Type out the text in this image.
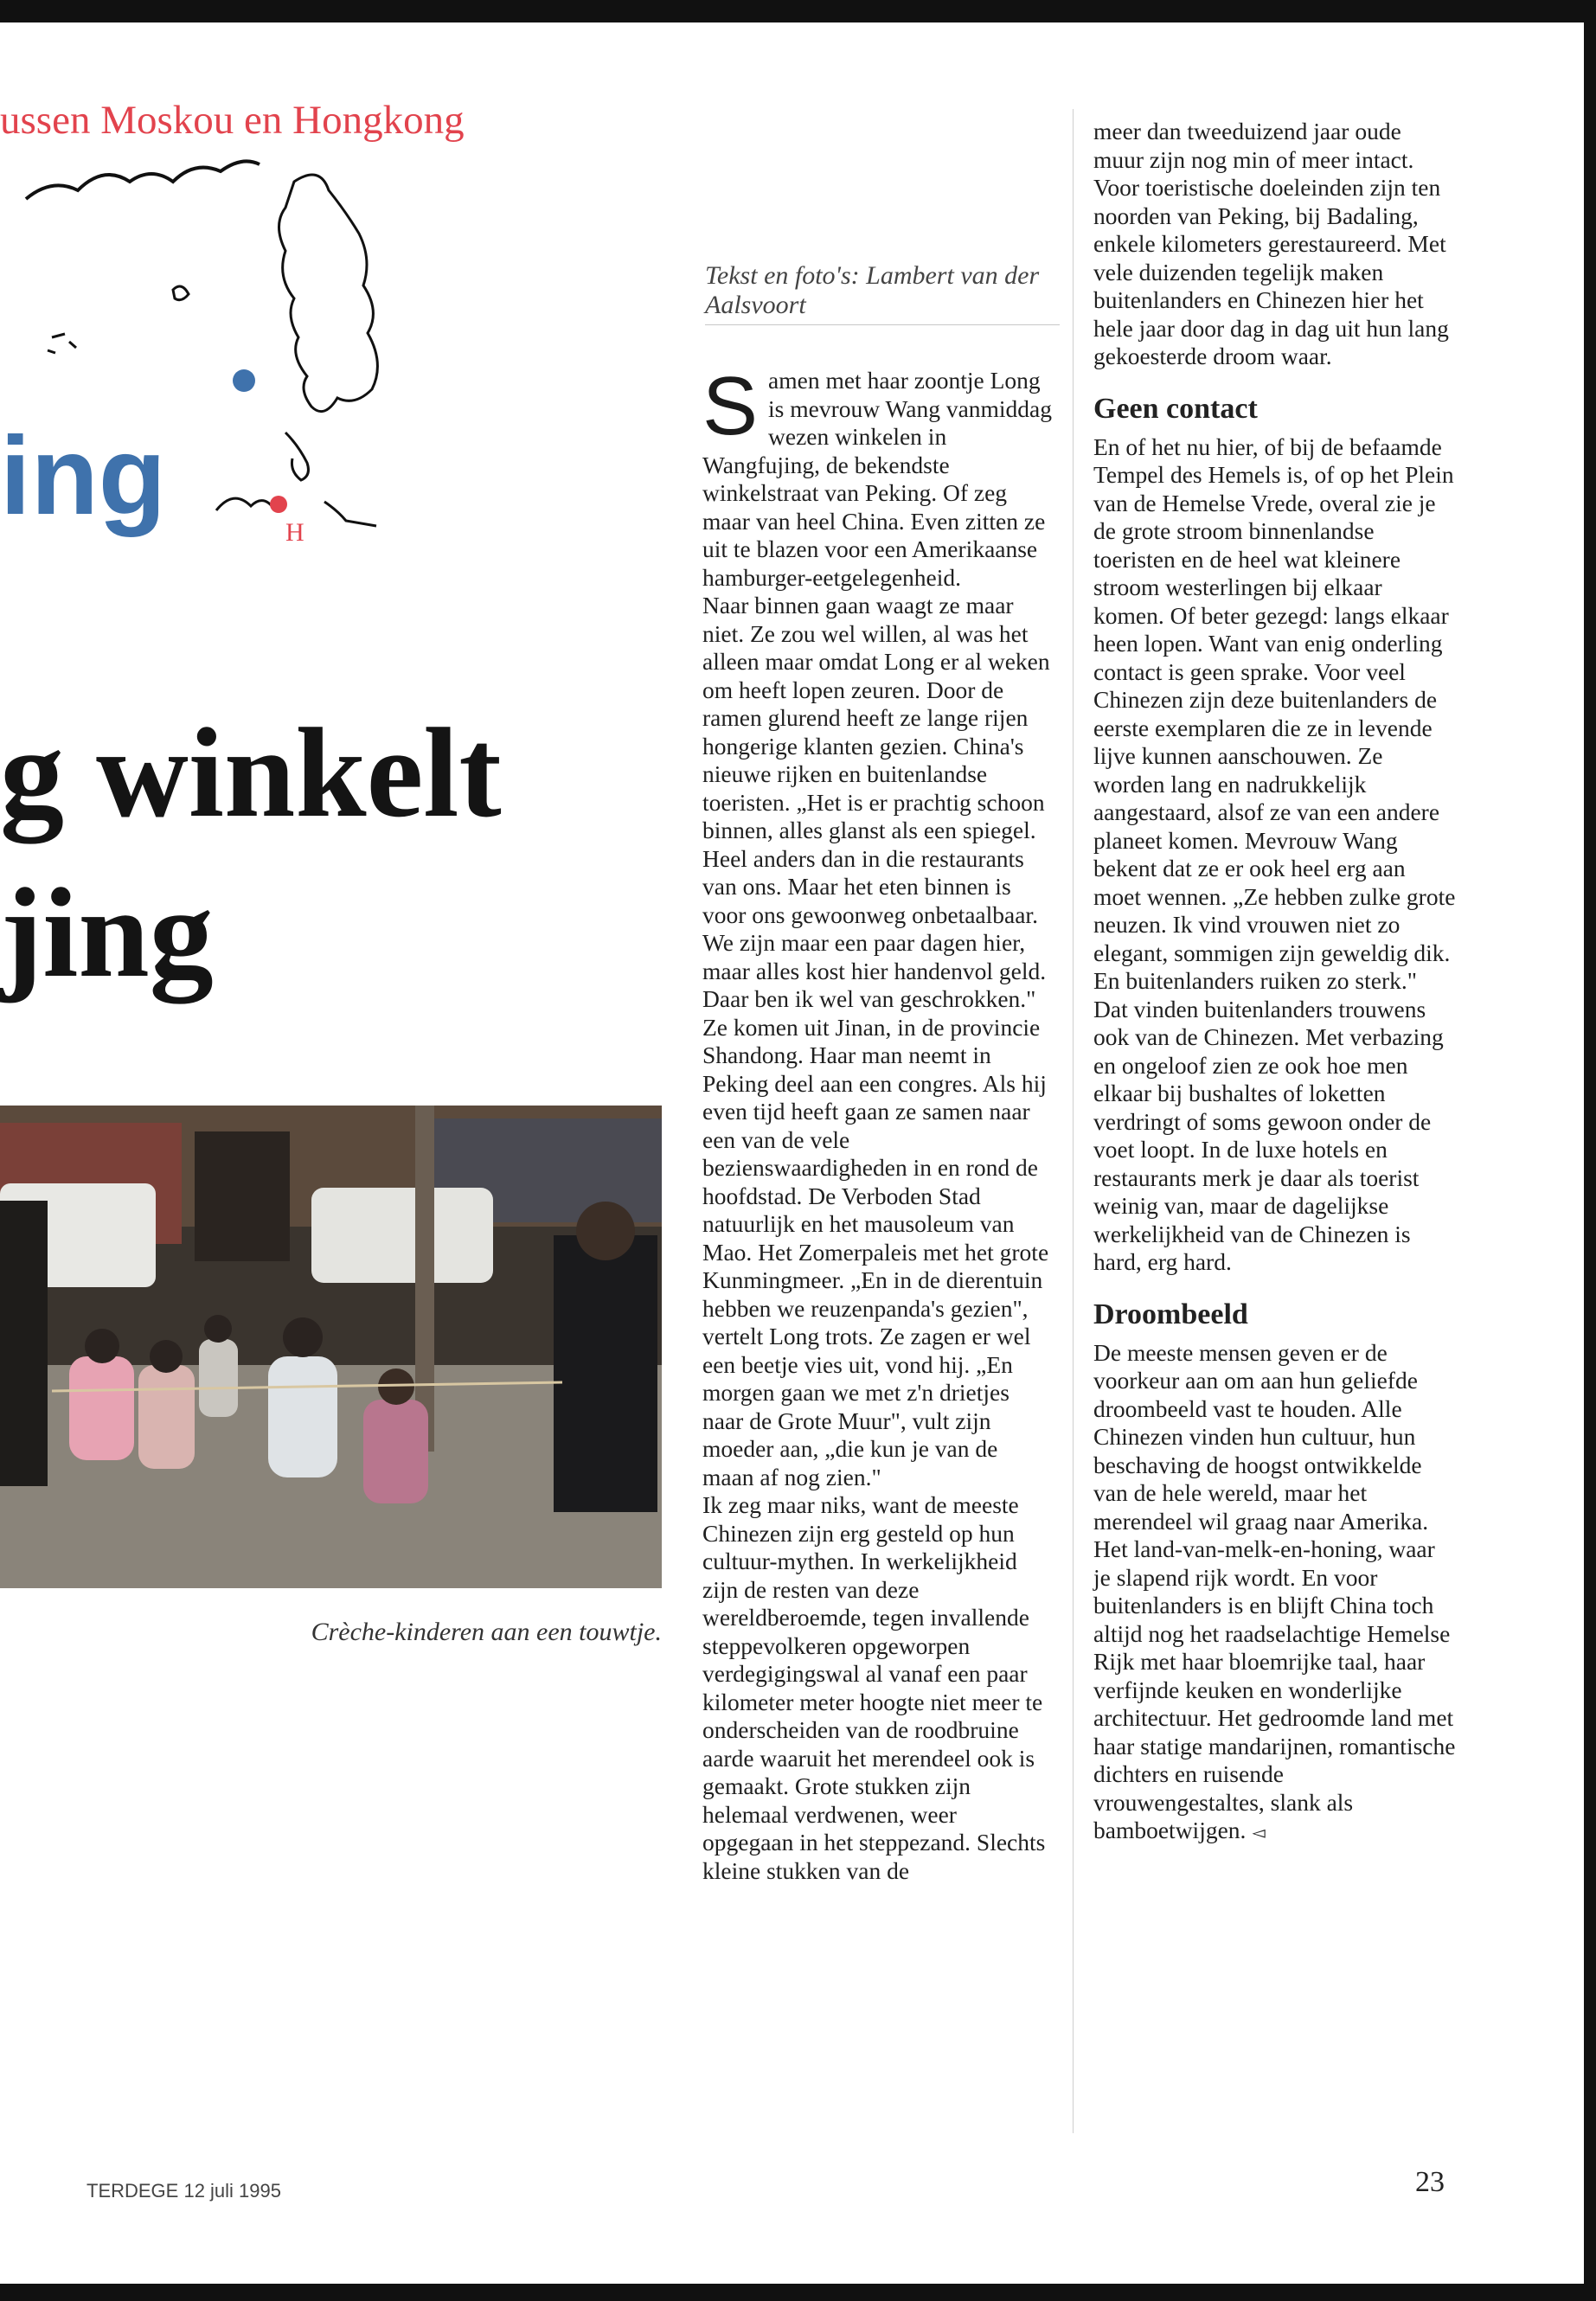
ussen Moskou en Hongkong
H
ing
g winkelt
jing
Crèche-kinderen aan een touwtje.
Tekst en foto's: Lambert van der Aalsvoort

Samen met haar zoontje Long is mevrouw Wang vanmiddag wezen winkelen in Wangfujing, de bekendste winkelstraat van Peking. Of zeg maar van heel China. Even zitten ze uit te blazen voor een Amerikaanse hamburger-eetgelegenheid.

Naar binnen gaan waagt ze maar niet. Ze zou wel willen, al was het alleen maar omdat Long er al weken om heeft lopen zeuren. Door de ramen glurend heeft ze lange rijen hongerige klanten gezien. China's nieuwe rijken en buitenlandse toeristen. „Het is er prachtig schoon binnen, alles glanst als een spiegel. Heel anders dan in die restaurants van ons. Maar het eten binnen is voor ons gewoonweg onbetaalbaar. We zijn maar een paar dagen hier, maar alles kost hier handenvol geld. Daar ben ik wel van geschrokken."

Ze komen uit Jinan, in de provincie Shandong. Haar man neemt in Peking deel aan een congres. Als hij even tijd heeft gaan ze samen naar een van de vele bezienswaardigheden in en rond de hoofdstad. De Verboden Stad natuurlijk en het mausoleum van Mao. Het Zomerpaleis met het grote Kunmingmeer. „En in de dierentuin hebben we reuzenpanda's gezien", vertelt Long trots. Ze zagen er wel een beetje vies uit, vond hij. „En morgen gaan we met z'n drietjes naar de Grote Muur", vult zijn moeder aan, „die kun je van de maan af nog zien."

Ik zeg maar niks, want de meeste Chinezen zijn erg gesteld op hun cultuur-mythen. In werkelijkheid zijn de resten van deze wereldberoemde, tegen invallende steppevolkeren opgeworpen verdegigingswal al vanaf een paar kilometer meter hoogte niet meer te onderscheiden van de roodbruine aarde waaruit het merendeel ook is gemaakt. Grote stukken zijn helemaal verdwenen, weer opgegaan in het steppezand. Slechts kleine stukken van de

meer dan tweeduizend jaar oude muur zijn nog min of meer intact. Voor toeristische doeleinden zijn ten noorden van Peking, bij Badaling, enkele kilometers gerestaureerd. Met vele duizenden tegelijk maken buitenlanders en Chinezen hier het hele jaar door dag in dag uit hun lang gekoesterde droom waar.

Geen contact

En of het nu hier, of bij de befaamde Tempel des Hemels is, of op het Plein van de Hemelse Vrede, overal zie je de grote stroom binnenlandse toeristen en de heel wat kleinere stroom westerlingen bij elkaar komen. Of beter gezegd: langs elkaar heen lopen. Want van enig onderling contact is geen sprake. Voor veel Chinezen zijn deze buitenlanders de eerste exemplaren die ze in levende lijve kunnen aanschouwen. Ze worden lang en nadrukkelijk aangestaard, alsof ze van een andere planeet komen. Mevrouw Wang bekent dat ze er ook heel erg aan moet wennen. „Ze hebben zulke grote neuzen. Ik vind vrouwen niet zo elegant, sommigen zijn geweldig dik. En buitenlanders ruiken zo sterk." Dat vinden buitenlanders trouwens ook van de Chinezen. Met verbazing en ongeloof zien ze ook hoe men elkaar bij bushaltes of loketten verdringt of soms gewoon onder de voet loopt. In de luxe hotels en restaurants merk je daar als toerist weinig van, maar de dagelijkse werkelijkheid van de Chinezen is hard, erg hard.

Droombeeld

De meeste mensen geven er de voorkeur aan om aan hun geliefde droombeeld vast te houden. Alle Chinezen vinden hun cultuur, hun beschaving de hoogst ontwikkelde van de hele wereld, maar het merendeel wil graag naar Amerika. Het land-van-melk-en-honing, waar je slapend rijk wordt. En voor buitenlanders is en blijft China toch altijd nog het raadselachtige Hemelse Rijk met haar bloemrijke taal, haar verfijnde keuken en wonderlijke architectuur. Het gedroomde land met haar statige mandarijnen, romantische dichters en ruisende vrouwengestaltes, slank als bamboetwijgen. ◅

TERDEGE 12 juli 1995	23
